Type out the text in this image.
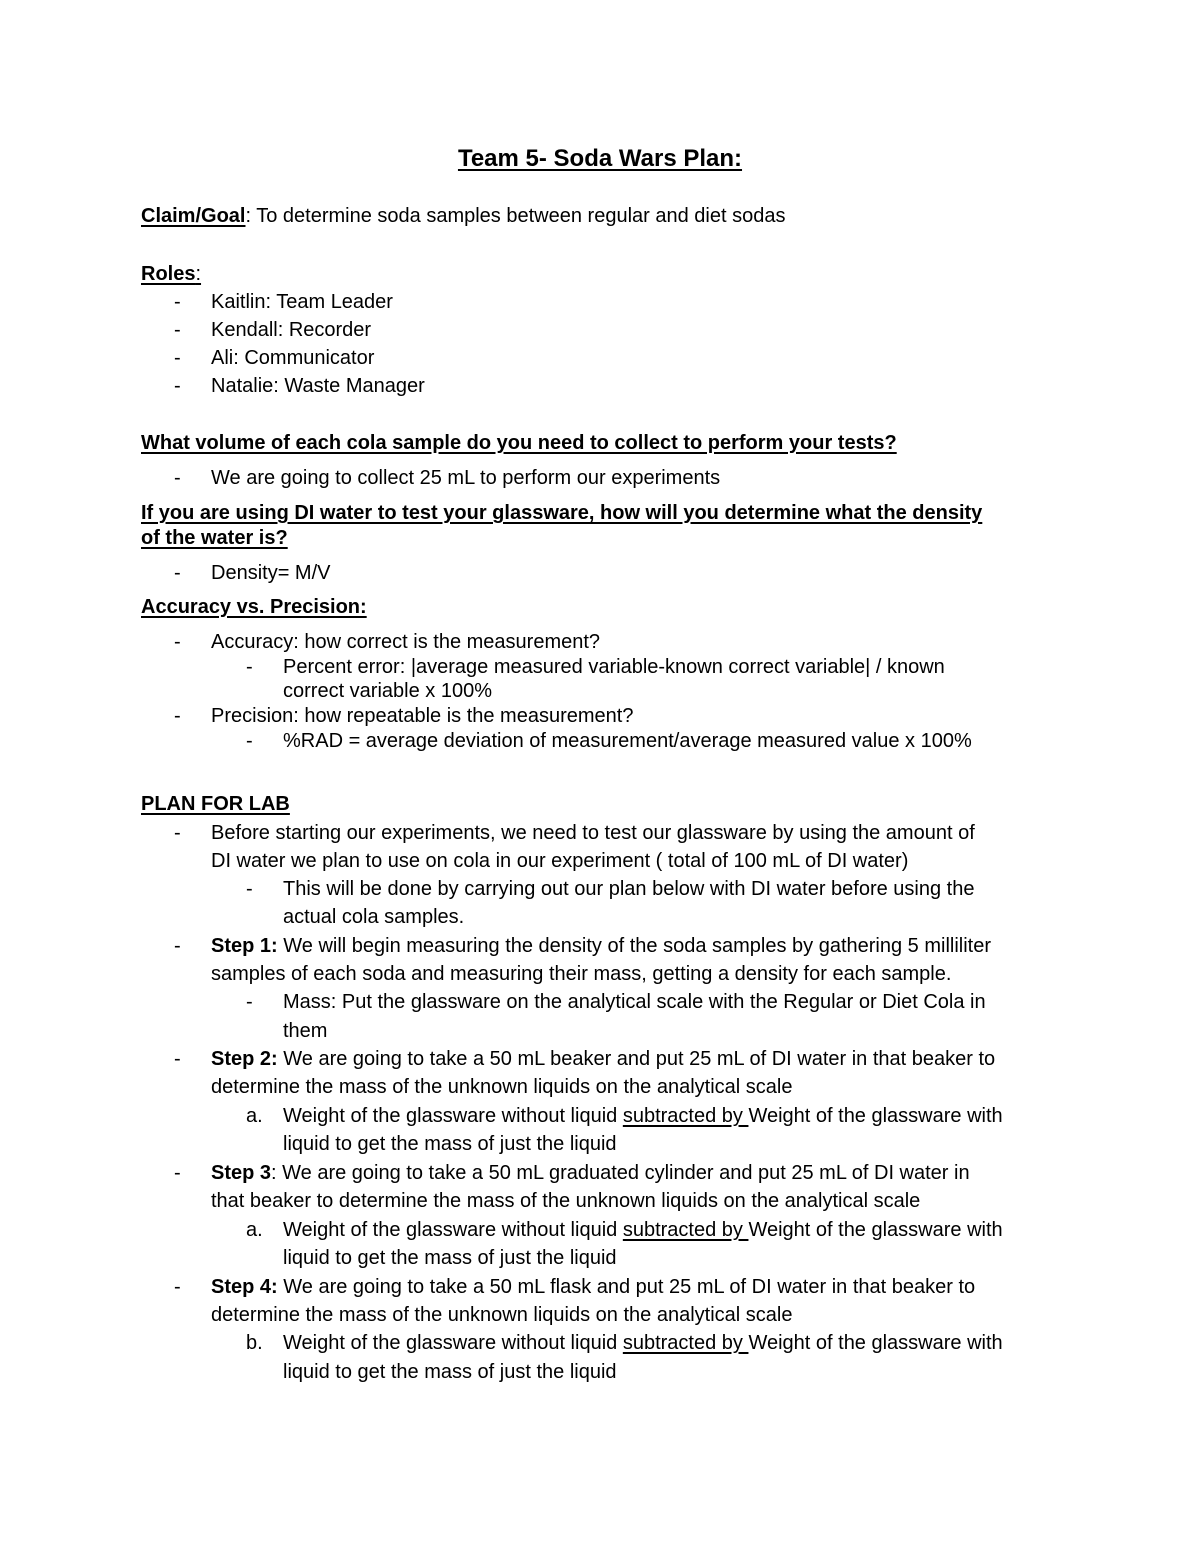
Team 5- Soda Wars Plan:
Claim/Goal: To determine soda samples between regular and diet sodas
Roles:
- Kaitlin: Team Leader
- Kendall: Recorder
- Ali: Communicator
- Natalie: Waste Manager
What volume of each cola sample do you need to collect to perform your tests?
- We are going to collect 25 mL to perform our experiments
If you are using DI water to test your glassware, how will you determine what the density
of the water is?
- Density= M/V
Accuracy vs. Precision:
- Accuracy: how correct is the measurement?
- Percent error: |average measured variable-known correct variable| / known
correct variable x 100%
- Precision: how repeatable is the measurement?
- %RAD = average deviation of measurement/average measured value x 100%
PLAN FOR LAB
- Before starting our experiments, we need to test our glassware by using the amount of
DI water we plan to use on cola in our experiment ( total of 100 mL of DI water)
- This will be done by carrying out our plan below with DI water before using the
actual cola samples.
- Step 1: We will begin measuring the density of the soda samples by gathering 5 milliliter
samples of each soda and measuring their mass, getting a density for each sample.
- Mass: Put the glassware on the analytical scale with the Regular or Diet Cola in
them
- Step 2: We are going to take a 50 mL beaker and put 25 mL of DI water in that beaker to
determine the mass of the unknown liquids on the analytical scale
a. Weight of the glassware without liquid subtracted by Weight of the glassware with
liquid to get the mass of just the liquid
- Step 3: We are going to take a 50 mL graduated cylinder and put 25 mL of DI water in
that beaker to determine the mass of the unknown liquids on the analytical scale
a. Weight of the glassware without liquid subtracted by Weight of the glassware with
liquid to get the mass of just the liquid
- Step 4: We are going to take a 50 mL flask and put 25 mL of DI water in that beaker to
determine the mass of the unknown liquids on the analytical scale
b. Weight of the glassware without liquid subtracted by Weight of the glassware with
liquid to get the mass of just the liquid
